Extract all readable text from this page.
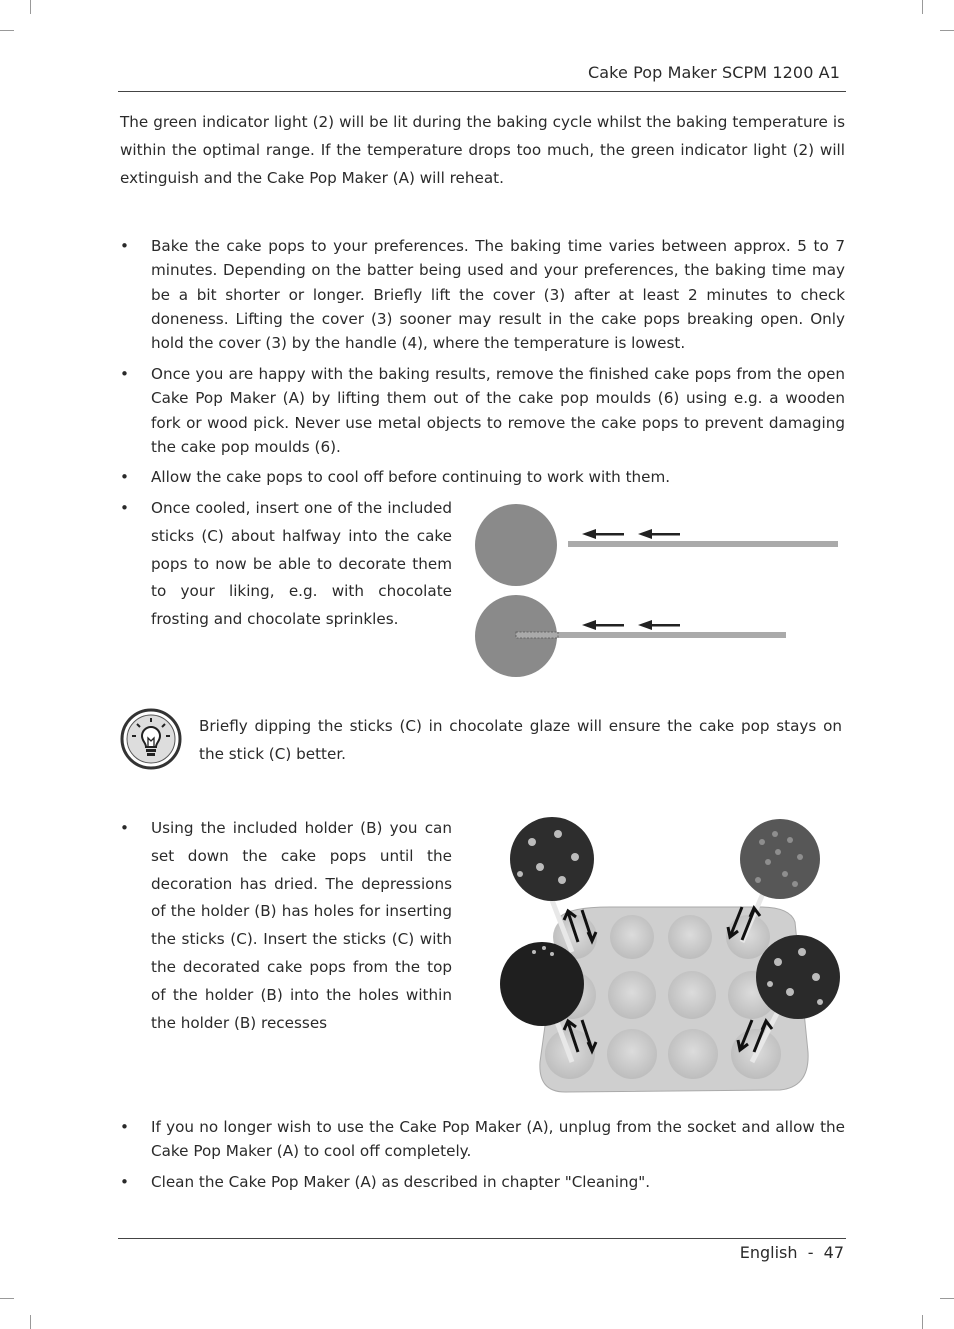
Cake Pop Maker SCPM 1200 A1

The green indicator light (2) will be lit during the baking cycle whilst the baking temperature is within the optimal range. If the temperature drops too much, the green indicator light (2) will extinguish and the Cake Pop Maker (A) will reheat.

• Bake the cake pops to your preferences. The baking time varies between approx. 5 to 7 minutes. Depending on the batter being used and your preferences, the baking time may be a bit shorter or longer. Briefly lift the cover (3) after at least 2 minutes to check doneness. Lifting the cover (3) sooner may result in the cake pops breaking open. Only hold the cover (3) by the handle (4), where the temperature is lowest.

• Once you are happy with the baking results, remove the finished cake pops from the open Cake Pop Maker (A) by lifting them out of the cake pop moulds (6) using e.g. a wooden fork or wood pick. Never use metal objects to remove the cake pops to prevent damaging the cake pop moulds (6).

• Allow the cake pops to cool off before continuing to work with them.

• Once cooled, insert one of the included sticks (C) about halfway into the cake pops to now be able to decorate them to your liking, e.g. with chocolate frosting and chocolate sprinkles.

Briefly dipping the sticks (C) in chocolate glaze will ensure the cake pop stays on the stick (C) better.

• Using the included holder (B) you can set down the cake pops until the decoration has dried. The depressions of the holder (B) has holes for inserting the sticks (C). Insert the sticks (C) with the decorated cake pops from the top of the holder (B) into the holes within the holder (B) recesses

• If you no longer wish to use the Cake Pop Maker (A), unplug from the socket and allow the Cake Pop Maker (A) to cool off completely.

• Clean the Cake Pop Maker (A) as described in chapter "Cleaning".

English  -  47
